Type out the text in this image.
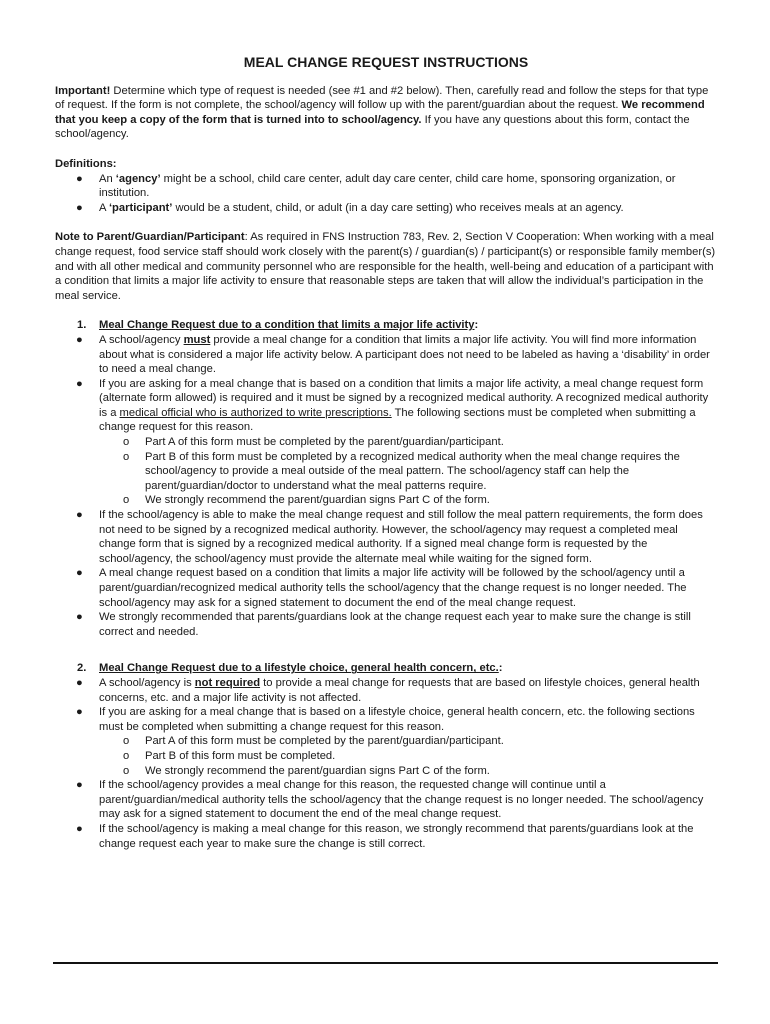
MEAL CHANGE REQUEST INSTRUCTIONS

Important! Determine which type of request is needed (see #1 and #2 below). Then, carefully read and follow the steps for that type of request. If the form is not complete, the school/agency will follow up with the parent/guardian about the request. We recommend that you keep a copy of the form that is turned into to school/agency. If you have any questions about this form, contact the school/agency.

Definitions:

● An ‘agency’ might be a school, child care center, adult day care center, child care home, sponsoring organization, or institution.
● A ‘participant’ would be a student, child, or adult (in a day care setting) who receives meals at an agency.

Note to Parent/Guardian/Participant: As required in FNS Instruction 783, Rev. 2, Section V Cooperation: When working with a meal change request, food service staff should work closely with the parent(s) / guardian(s) / participant(s) or responsible family member(s) and with all other medical and community personnel who are responsible for the health, well-being and education of a participant with a condition that limits a major life activity to ensure that reasonable steps are taken that will allow the individual’s participation in the meal service.

1. Meal Change Request due to a condition that limits a major life activity:
● A school/agency must provide a meal change for a condition that limits a major life activity. You will find more information about what is considered a major life activity below. A participant does not need to be labeled as having a ‘disability’ in order to need a meal change.
● If you are asking for a meal change that is based on a condition that limits a major life activity, a meal change request form (alternate form allowed) is required and it must be signed by a recognized medical authority. A recognized medical authority is a medical official who is authorized to write prescriptions. The following sections must be completed when submitting a change request for this reason.
o Part A of this form must be completed by the parent/guardian/participant.
o Part B of this form must be completed by a recognized medical authority when the meal change requires the school/agency to provide a meal outside of the meal pattern. The school/agency staff can help the parent/guardian/doctor to understand what the meal patterns require.
o We strongly recommend the parent/guardian signs Part C of the form.
● If the school/agency is able to make the meal change request and still follow the meal pattern requirements, the form does not need to be signed by a recognized medical authority. However, the school/agency may request a completed meal change form that is signed by a recognized medical authority. If a signed meal change form is requested by the school/agency, the school/agency must provide the alternate meal while waiting for the signed form.
● A meal change request based on a condition that limits a major life activity will be followed by the school/agency until a parent/guardian/recognized medical authority tells the school/agency that the change request is no longer needed. The school/agency may ask for a signed statement to document the end of the meal change request.
● We strongly recommended that parents/guardians look at the change request each year to make sure the change is still correct and needed.
2. Meal Change Request due to a lifestyle choice, general health concern, etc.:
● A school/agency is not required to provide a meal change for requests that are based on lifestyle choices, general health concerns, etc. and a major life activity is not affected.
● If you are asking for a meal change that is based on a lifestyle choice, general health concern, etc. the following sections must be completed when submitting a change request for this reason.
o Part A of this form must be completed by the parent/guardian/participant.
o Part B of this form must be completed.
o We strongly recommend the parent/guardian signs Part C of the form.
● If the school/agency provides a meal change for this reason, the requested change will continue until a parent/guardian/medical authority tells the school/agency that the change request is no longer needed. The school/agency may ask for a signed statement to document the end of the meal change request.
● If the school/agency is making a meal change for this reason, we strongly recommend that parents/guardians look at the change request each year to make sure the change is still correct.
